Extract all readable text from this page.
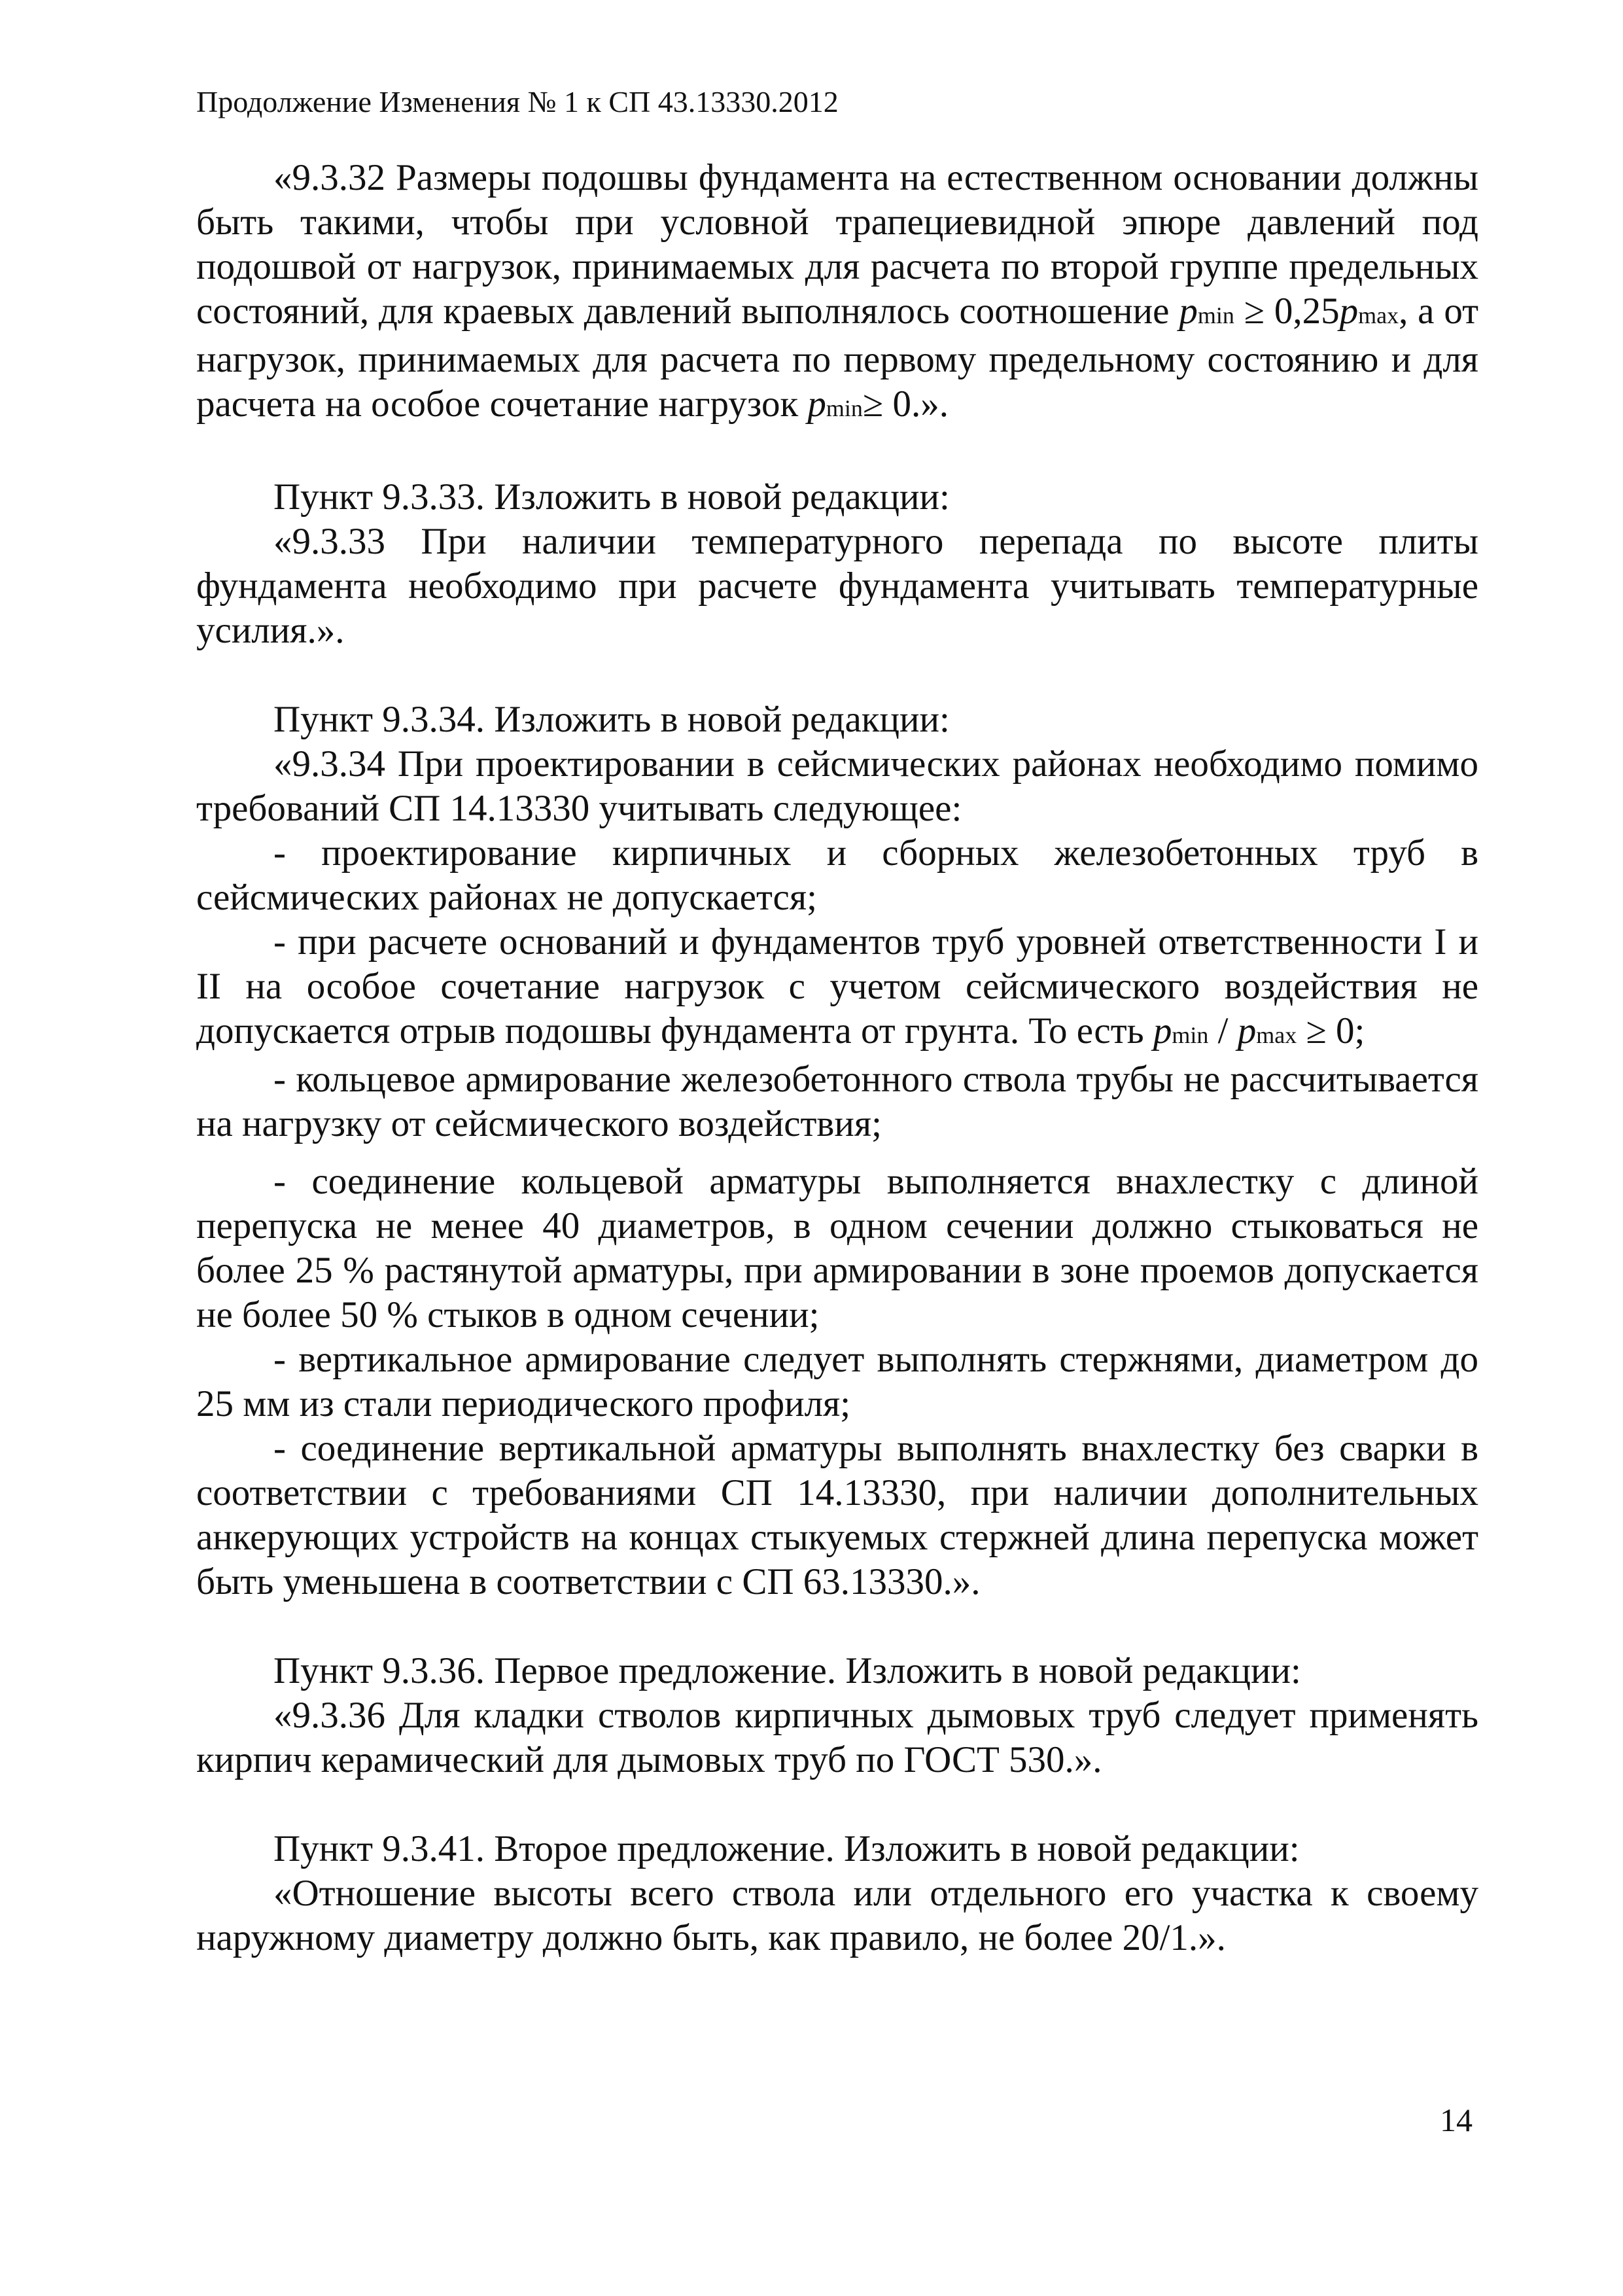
Продолжение Изменения № 1 к СП 43.13330.2012

«9.3.32 Размеры подошвы фундамента на естественном основании должны быть такими, чтобы при условной трапециевидной эпюре давлений под подошвой от нагрузок, принимаемых для расчета по второй группе предельных состояний, для краевых давлений выполнялось соотношение pmin ≥ 0,25pmax, а от нагрузок, принимаемых для расчета по первому предельному состоянию и для расчета на особое сочетание нагрузок pmin≥ 0.».

Пункт 9.3.33. Изложить в новой редакции:

«9.3.33 При наличии температурного перепада по высоте плиты фундамента необходимо при расчете фундамента учитывать температурные усилия.».

Пункт 9.3.34. Изложить в новой редакции:

«9.3.34 При проектировании в сейсмических районах необходимо помимо требований СП 14.13330 учитывать следующее:

- проектирование кирпичных и сборных железобетонных труб в сейсмических районах не допускается;

- при расчете оснований и фундаментов труб уровней ответственности I и II на особое сочетание нагрузок с учетом сейсмического воздействия не допускается отрыв подошвы фундамента от грунта. То есть pmin / pmax ≥ 0;

- кольцевое армирование железобетонного ствола трубы не рассчитывается на нагрузку от сейсмического воздействия;

- соединение кольцевой арматуры выполняется внахлестку с длиной перепуска не менее 40 диаметров, в одном сечении должно стыковаться не более 25 % растянутой арматуры, при армировании в зоне проемов допускается не более 50 % стыков в одном сечении;

- вертикальное армирование следует выполнять стержнями, диаметром до 25 мм из стали периодического профиля;

- соединение вертикальной арматуры выполнять внахлестку без сварки в соответствии с требованиями СП 14.13330, при наличии дополнительных анкерующих устройств на концах стыкуемых стержней длина перепуска может быть уменьшена в соответствии с СП 63.13330.».

Пункт 9.3.36. Первое предложение. Изложить в новой редакции:

«9.3.36 Для кладки стволов кирпичных дымовых труб следует применять кирпич керамический для дымовых труб по ГОСТ 530.».

Пункт 9.3.41. Второе предложение. Изложить в новой редакции:

«Отношение высоты всего ствола или отдельного его участка к своему наружному диаметру должно быть, как правило, не более 20/1.».

14
